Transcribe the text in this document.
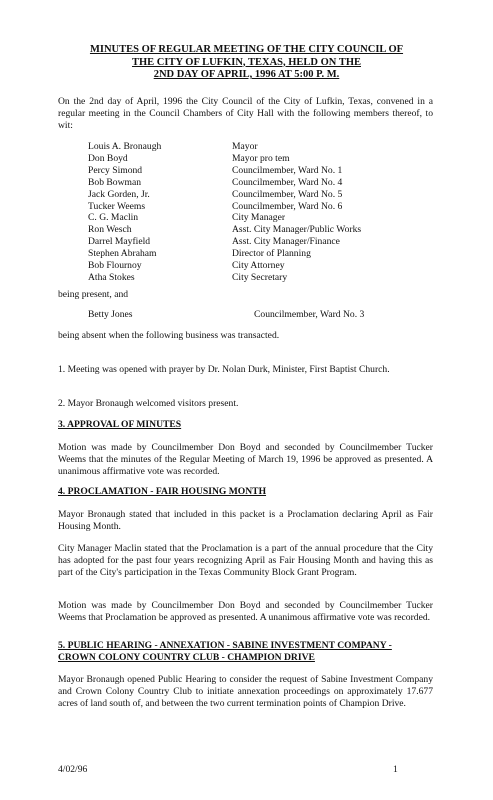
MINUTES OF REGULAR MEETING OF THE CITY COUNCIL OF
THE CITY OF LUFKIN, TEXAS, HELD ON THE
2ND DAY OF APRIL, 1996 AT 5:00 P. M.
On the 2nd day of April, 1996 the City Council of the City of Lufkin, Texas, convened in a regular meeting in the Council Chambers of City Hall with the following members thereof, to wit:
Louis A. Bronaugh	Mayor
Don Boyd	Mayor pro tem
Percy Simond	Councilmember, Ward No. 1
Bob Bowman	Councilmember, Ward No. 4
Jack Gorden, Jr.	Councilmember, Ward No. 5
Tucker Weems	Councilmember, Ward No. 6
C. G. Maclin	City Manager
Ron Wesch	Asst. City Manager/Public Works
Darrel Mayfield	Asst. City Manager/Finance
Stephen Abraham	Director of Planning
Bob Flournoy	City Attorney
Atha Stokes	City Secretary
being present, and
Betty Jones	Councilmember, Ward No. 3
being absent when the following business was transacted.
1. Meeting was opened with prayer by Dr. Nolan Durk, Minister, First Baptist Church.
2. Mayor Bronaugh welcomed visitors present.
3. APPROVAL OF MINUTES
Motion was made by Councilmember Don Boyd and seconded by Councilmember Tucker Weems that the minutes of the Regular Meeting of March 19, 1996 be approved as presented. A unanimous affirmative vote was recorded.
4. PROCLAMATION - FAIR HOUSING MONTH
Mayor Bronaugh stated that included in this packet is a Proclamation declaring April as Fair Housing Month.
City Manager Maclin stated that the Proclamation is a part of the annual procedure that the City has adopted for the past four years recognizing April as Fair Housing Month and having this as part of the City's participation in the Texas Community Block Grant Program.
Motion was made by Councilmember Don Boyd and seconded by Councilmember Tucker Weems that Proclamation be approved as presented. A unanimous affirmative vote was recorded.
5. PUBLIC HEARING - ANNEXATION - SABINE INVESTMENT COMPANY -
CROWN COLONY COUNTRY CLUB - CHAMPION DRIVE
Mayor Bronaugh opened Public Hearing to consider the request of Sabine Investment Company and Crown Colony Country Club to initiate annexation proceedings on approximately 17.677 acres of land south of, and between the two current termination points of Champion Drive.
4/02/96	1
